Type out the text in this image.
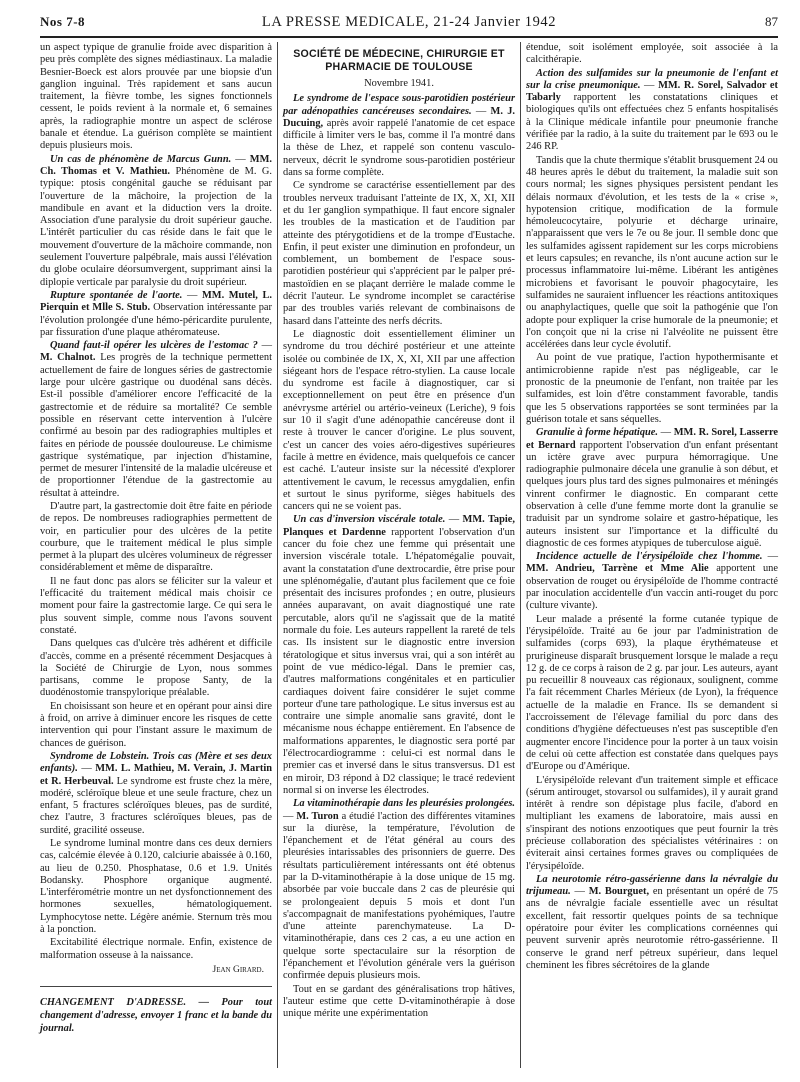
Nos 7-8	LA PRESSE MEDICALE, 21-24 Janvier 1942	87

un aspect typique de granulie froide avec disparition à peu près complète des signes médiastinaux. La maladie Besnier-Boeck est alors prouvée par une biopsie d'un ganglion inguinal. Très rapidement et sans aucun traitement, la fièvre tombe, les signes fonctionnels cessent, le poids revient à la normale et, 6 semaines après, la radiographie montre un aspect de sclérose banale et étendue. La guérison complète se maintient depuis plusieurs mois.

Un cas de phénomène de Marcus Gunn. — MM. Ch. Thomas et V. Mathieu. Phénomène de M. G. typique: ptosis congénital gauche se réduisant par l'ouverture de la mâchoire, la projection de la mandibule en avant et la diduction vers la droite. Association d'une paralysie du droit supérieur gauche. L'intérêt particulier du cas réside dans le fait que le mouvement d'ouverture de la mâchoire commande, non seulement l'ouverture palpébrale, mais aussi l'élévation du globe oculaire déorsumvergent, supprimant ainsi la diplopie verticale par paralysie du droit supérieur.

Rupture spontanée de l'aorte. — MM. Mutel, L. Pierquin et Mlle S. Stub. Observation intéressante par l'évolution prolongée d'une hémo-péricardite purulente, par fissuration d'une plaque athéromateuse.

Quand faut-il opérer les ulcères de l'estomac ? — M. Chalnot. Les progrès de la technique permettent actuellement de faire de longues séries de gastrectomie large pour ulcère gastrique ou duodénal sans décès. Est-il possible d'améliorer encore l'efficacité de la gastrectomie et de réduire sa mortalité? Ce semble possible en réservant cette intervention à l'ulcère confirmé au besoin par des radiographies multiples et faites en période de poussée douloureuse. Le chimisme gastrique systématique, par injection d'histamine, permet de mesurer l'intensité de la maladie ulcéreuse et de proportionner l'étendue de la gastrectomie au résultat à atteindre.

D'autre part, la gastrectomie doit être faite en période de repos. De nombreuses radiographies permettent de voir, en particulier pour des ulcères de la petite courbure, que le traitement médical le plus simple permet à la plupart des ulcères volumineux de régresser considérablement et même de disparaître.

Il ne faut donc pas alors se féliciter sur la valeur et l'efficacité du traitement médical mais choisir ce moment pour faire la gastrectomie large. Ce qui sera le plus souvent simple, comme nous l'avons souvent constaté.

Dans quelques cas d'ulcère très adhérent et difficile d'accès, comme en a présenté récemment Desjacques à la Société de Chirurgie de Lyon, nous sommes partisans, comme le propose Santy, de la duodénostomie transpylorique préalable.

En choisissant son heure et en opérant pour ainsi dire à froid, on arrive à diminuer encore les risques de cette intervention qui pour l'instant assure le maximum de chances de guérison.

Syndrome de Lobstein. Trois cas (Mère et ses deux enfants). — MM. L. Mathieu, M. Verain, J. Martin et R. Herbeuval. Le syndrome est fruste chez la mère, modéré, scléroïque bleue et une seule fracture, chez un enfant, 5 fractures scléroïques bleues, pas de surdité, chez l'autre, 3 fractures scléroïques bleues, pas de surdité, gracilité osseuse.

Le syndrome luminal montre dans ces deux derniers cas, calcémie élevée à 0.120, calciurie abaissée à 0.160, au lieu de 0.250. Phosphatase, 0.6 et 1.9. Unités Bodansky. Phosphore organique augmenté. L'interférométrie montre un net dysfonctionnement des hormones sexuelles, hématologiquement. Lymphocytose nette. Légère anémie. Sternum très mou à la ponction.

Excitabilité électrique normale. Enfin, existence de malformation osseuse à la naissance.

Jean Girard.
CHANGEMENT D'ADRESSE. — Pour tout changement d'adresse, envoyer 1 franc et la bande du journal.
SOCIÉTÉ DE MÉDECINE, CHIRURGIE ET PHARMACIE DE TOULOUSE
Novembre 1941.

Le syndrome de l'espace sous-parotidien postérieur par adénopathies cancéreuses secondaires. — M. J. Ducuing, après avoir rappelé l'anatomie de cet espace difficile à limiter vers le bas, comme il l'a montré dans la thèse de Lhez, et rappelé son contenu vasculo-nerveux, décrit le syndrome sous-parotidien postérieur dans sa forme complète.

Ce syndrome se caractérise essentiellement par des troubles nerveux traduisant l'atteinte de IX, X, XI, XII et du 1er ganglion sympathique. Il faut encore signaler les troubles de la mastication et de l'audition par atteinte des ptérygotidiens et de la trompe d'Eustache. Enfin, il peut exister une diminution en profondeur, un comblement, un bombement de l'espace sous-parotidien postérieur qui s'apprécient par le palper pré-mastoïdien en se plaçant derrière le malade comme le décrit l'auteur. Le syndrome incomplet se caractérise par des troubles variés relevant de combinaisons de hasard dans l'atteinte des nerfs décrits.

Le diagnostic doit essentiellement éliminer un syndrome du trou déchiré postérieur et une atteinte isolée ou combinée de IX, X, XI, XII par une affection siégeant hors de l'espace rétro-stylien. La cause locale du syndrome est facile à diagnostiquer, car si exceptionnellement on peut être en présence d'un anévrysme artériel ou artério-veineux (Leriche), 9 fois sur 10 il s'agit d'une adénopathie cancéreuse dont il reste à trouver le cancer d'origine. Le plus souvent, c'est un cancer des voies aéro-digestives supérieures facile à mettre en évidence, mais quelquefois ce cancer est caché. L'auteur insiste sur la nécessité d'explorer attentivement le cavum, le recessus amygdalien, enfin et surtout le sinus pyriforme, sièges habituels des cancers qui ne se voient pas.

Un cas d'inversion viscérale totale. — MM. Tapie, Planques et Dardenne rapportent l'observation d'un cancer du foie chez une femme qui présentait une inversion viscérale totale. L'hépatomégalie pouvait, avant la constatation d'une dextrocardie, être prise pour une splénomégalie, d'autant plus facilement que ce foie présentait des incisures profondes ; en outre, plusieurs années auparavant, on avait diagnostiqué une rate percutable, alors qu'il ne s'agissait que de la matité normale du foie. Les auteurs rappellent la rareté de tels cas. Ils insistent sur le diagnostic entre inversion tératologique et situs inversus vrai, qui a son intérêt au point de vue médico-légal. Dans le premier cas, d'autres malformations congénitales et en particulier cardiaques doivent faire considérer le sujet comme porteur d'une tare pathologique. Le situs inversus est au contraire une simple anomalie sans gravité, dont le mécanisme nous échappe entièrement. En l'absence de malformations apparentes, le diagnostic sera porté par l'électrocardiogramme : celui-ci est normal dans le premier cas et inversé dans le situs transversus. D1 est en miroir, D3 répond à D2 classique; le tracé redevient normal si on inverse les électrodes.

La vitaminothérapie dans les pleurésies prolongées. — M. Turon a étudié l'action des différentes vitamines sur la diurèse, la température, l'évolution de l'épanchement et de l'état général au cours des pleurésies intarissables des prisonniers de guerre. Des résultats particulièrement intéressants ont été obtenus par la D-vitaminothérapie à la dose unique de 15 mg. absorbée par voie buccale dans 2 cas de pleurésie qui se prolongeaient depuis 5 mois et dont l'un s'accompagnait de manifestations pyohémiques, l'autre d'une atteinte parenchymateuse. La D-vitaminothérapie, dans ces 2 cas, a eu une action en quelque sorte spectaculaire sur la résorption de l'épanchement et l'évolution générale vers la guérison confirmée depuis plusieurs mois.

Tout en se gardant des généralisations trop hâtives, l'auteur estime que cette D-vitaminothérapie à dose unique mérite une expérimentation

étendue, soit isolément employée, soit associée à la calcithérapie.

Action des sulfamides sur la pneumonie de l'enfant et sur la crise pneumonique. — MM. R. Sorel, Salvador et Tabarly rapportent les constatations cliniques et biologiques qu'ils ont effectuées chez 5 enfants hospitalisés à la Clinique médicale infantile pour pneumonie franche vérifiée par la radio, à la suite du traitement par le 693 ou le 246 RP.

Tandis que la chute thermique s'établit brusquement 24 ou 48 heures après le début du traitement, la maladie suit son cours normal; les signes physiques persistent pendant les délais normaux d'évolution, et les tests de la « crise », hypotension critique, modification de la formule hémoleucocytaire, polyurie et décharge urinaire, n'apparaissent que vers le 7e ou 8e jour. Il semble donc que les sulfamides agissent rapidement sur les corps microbiens et leurs capsules; en revanche, ils n'ont aucune action sur le processus inflammatoire lui-même. Libérant les antigènes microbiens et favorisant le pouvoir phagocytaire, les sulfamides ne sauraient influencer les réactions antitoxiques ou anaphylactiques, quelle que soit la pathogénie que l'on adopte pour expliquer la crise humorale de la pneumonie; et l'on conçoit que ni la crise ni l'alvéolite ne puissent être accélérées dans leur cycle évolutif.

Au point de vue pratique, l'action hypothermisante et antimicrobienne rapide n'est pas négligeable, car le pronostic de la pneumonie de l'enfant, non traitée par les sulfamides, est loin d'être constamment favorable, tandis que les 5 observations rapportées se sont terminées par la guérison totale et sans séquelles.

Granulie à forme hépatique. — MM. R. Sorel, Lasserre et Bernard rapportent l'observation d'un enfant présentant un ictère grave avec purpura hémorragique. Une radiographie pulmonaire décela une granulie à son début, et quelques jours plus tard des signes pulmonaires et méningés vinrent confirmer le diagnostic. En comparant cette observation à celle d'une femme morte dont la granulie se traduisit par un syndrome solaire et gastro-hépatique, les auteurs insistent sur l'importance et la difficulté du diagnostic de ces formes atypiques de tuberculose aiguë.

Incidence actuelle de l'érysipéloïde chez l'homme. — MM. Andrieu, Tarrène et Mme Alie apportent une observation de rouget ou érysipéloïde de l'homme contracté par inoculation accidentelle d'un vaccin anti-rouget du porc (culture vivante).

Leur malade a présenté la forme cutanée typique de l'érysipéloïde. Traité au 6e jour par l'administration de sulfamides (corps 693), la plaque érythémateuse et prurigineuse disparaît brusquement lorsque le malade a reçu 12 g. de ce corps à raison de 2 g. par jour. Les auteurs, ayant pu recueillir 8 nouveaux cas régionaux, soulignent, comme l'a fait récemment Charles Mérieux (de Lyon), la fréquence actuelle de la maladie en France. Ils se demandent si l'accroissement de l'élevage familial du porc dans des conditions d'hygiène défectueuses n'est pas susceptible d'en augmenter encore l'incidence pour la porter à un taux voisin de celui où cette affection est constatée dans quelques pays d'Europe ou d'Amérique.

L'érysipéloïde relevant d'un traitement simple et efficace (sérum antirouget, stovarsol ou sulfamides), il y aurait grand intérêt à rendre son dépistage plus facile, d'abord en multipliant les examens de laboratoire, mais aussi en s'inspirant des notions enzootiques que peut fournir la très précieuse collaboration des spécialistes vétérinaires : on éviterait ainsi certaines formes graves ou compliquées de l'érysipéloïde.

La neurotomie rétro-gassérienne dans la névralgie du trijumeau. — M. Bourguet, en présentant un opéré de 75 ans de névralgie faciale essentielle avec un résultat excellent, fait ressortir quelques points de sa technique opératoire pour éviter les complications cornéennes qui peuvent survenir après neurotomie rétro-gassérienne. Il conserve le grand nerf pétreux supérieur, dans lequel cheminent les fibres sécrétoires de la glande
